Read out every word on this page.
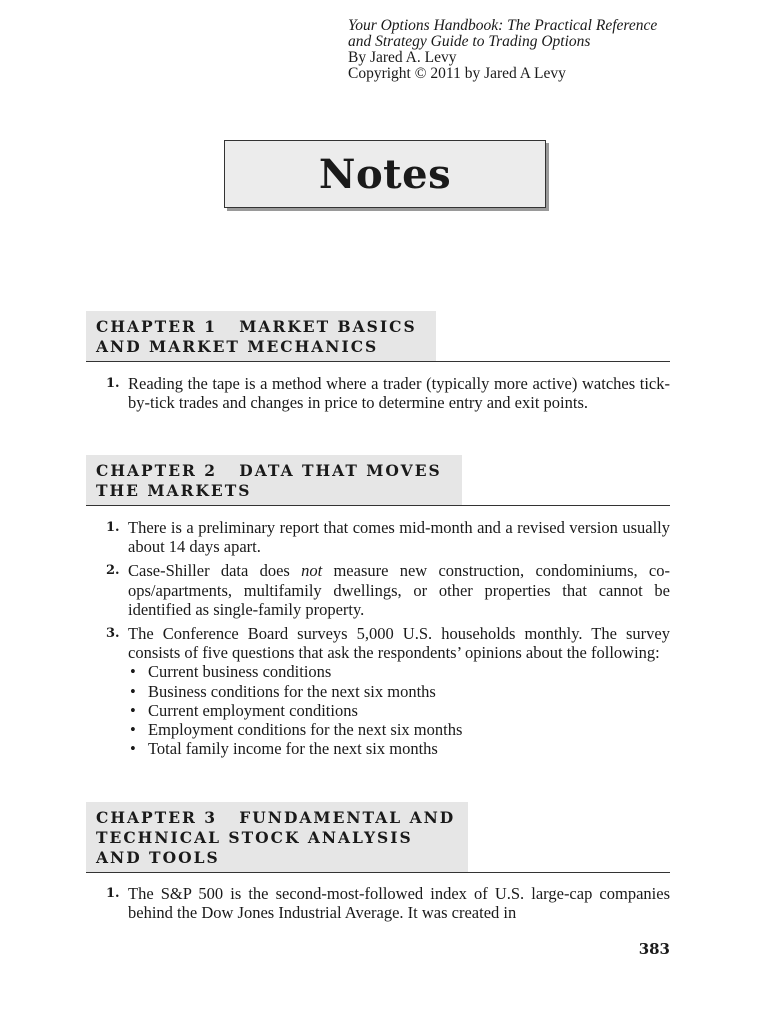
Your Options Handbook: The Practical Reference
and Strategy Guide to Trading Options
By Jared A. Levy
Copyright © 2011 by Jared A Levy
Notes
CHAPTER 1   MARKET BASICS
AND MARKET MECHANICS
1. Reading the tape is a method where a trader (typically more active) watches tick-by-tick trades and changes in price to determine entry and exit points.
CHAPTER 2   DATA THAT MOVES
THE MARKETS
1. There is a preliminary report that comes mid-month and a revised version usually about 14 days apart.
2. Case-Shiller data does not measure new construction, condominiums, co-ops/apartments, multifamily dwellings, or other properties that cannot be identified as single-family property.
3. The Conference Board surveys 5,000 U.S. households monthly. The survey consists of five questions that ask the respondents’ opinions about the following:
• Current business conditions
• Business conditions for the next six months
• Current employment conditions
• Employment conditions for the next six months
• Total family income for the next six months
CHAPTER 3   FUNDAMENTAL AND
TECHNICAL STOCK ANALYSIS
AND TOOLS
1. The S&P 500 is the second-most-followed index of U.S. large-cap companies behind the Dow Jones Industrial Average. It was created in
383
